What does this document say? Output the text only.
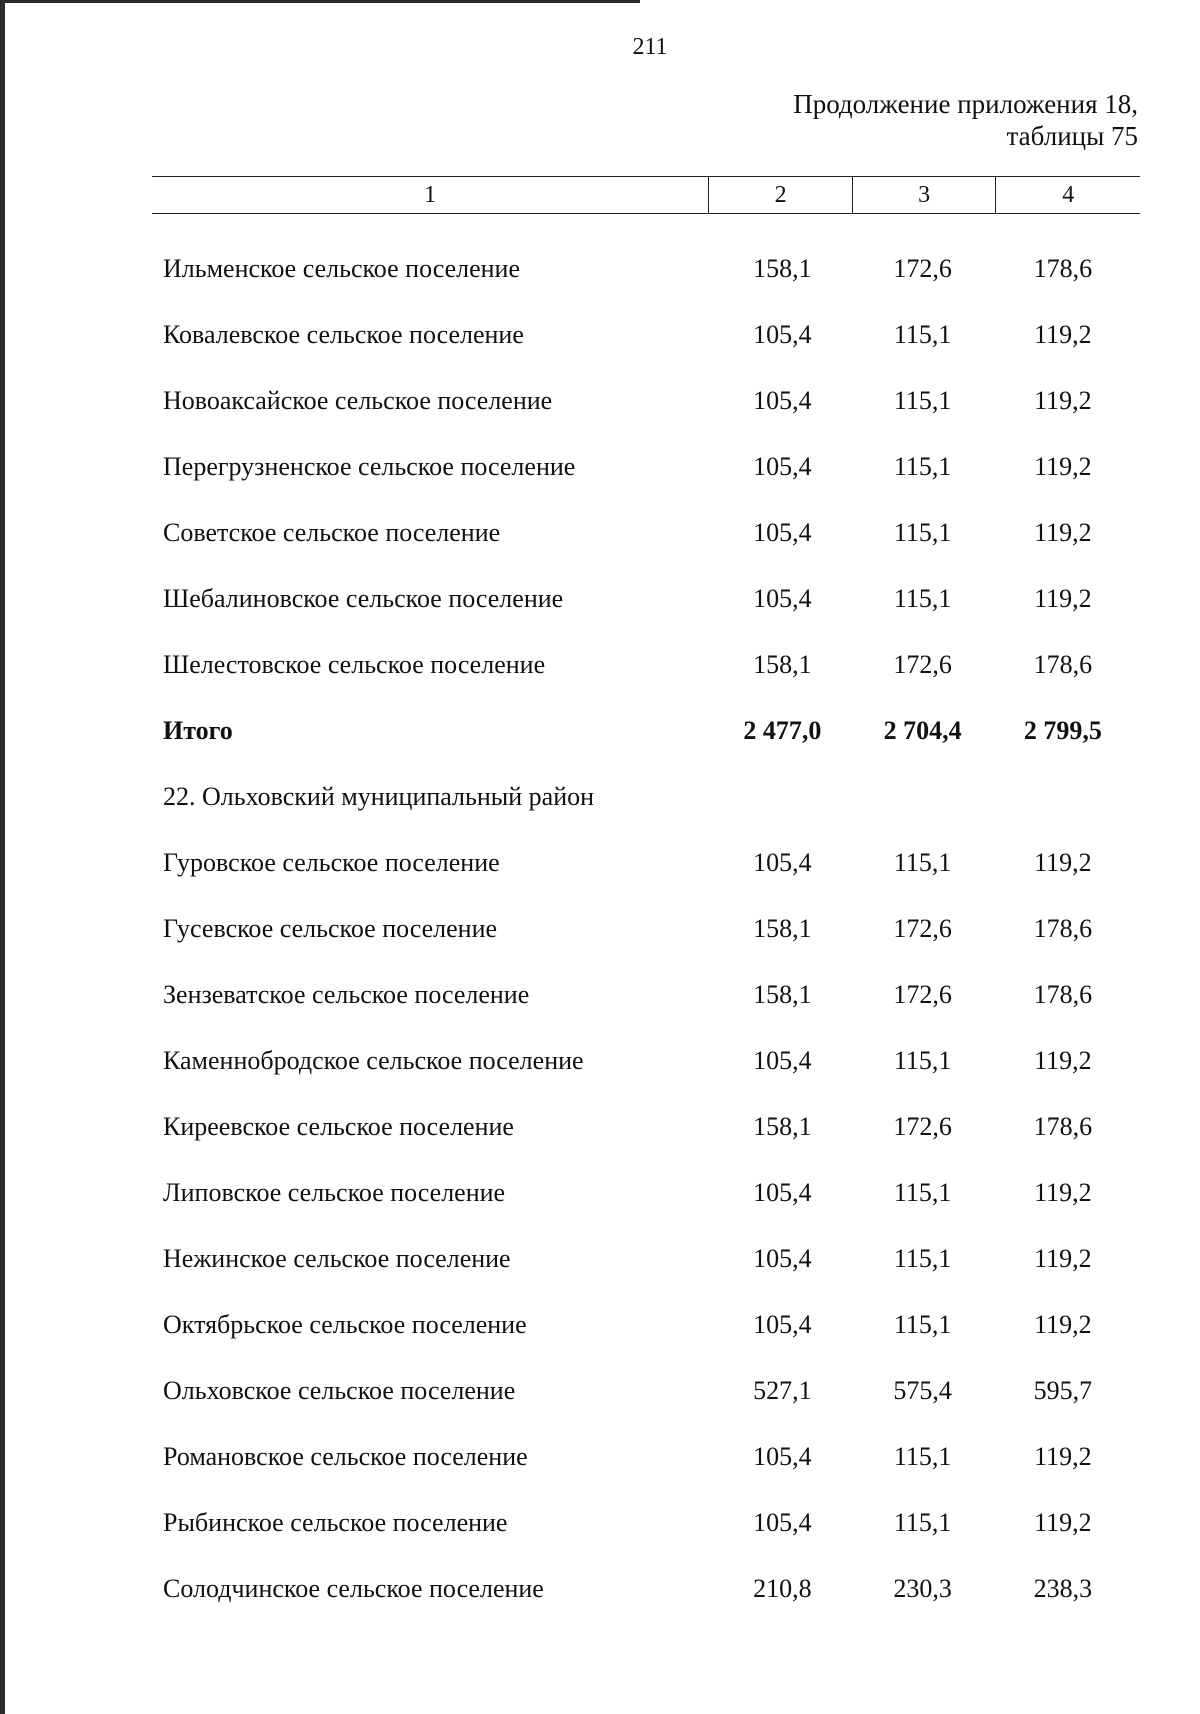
211
Продолжение приложения 18,
таблицы 75
1	2	3	4
Ильменское сельское поселение	158,1	172,6	178,6
Ковалевское сельское поселение	105,4	115,1	119,2
Новоаксайское сельское поселение	105,4	115,1	119,2
Перегрузненское сельское поселение	105,4	115,1	119,2
Советское сельское поселение	105,4	115,1	119,2
Шебалиновское сельское поселение	105,4	115,1	119,2
Шелестовское сельское поселение	158,1	172,6	178,6
Итого	2 477,0	2 704,4	2 799,5
22. Ольховский муниципальный район
Гуровское сельское поселение	105,4	115,1	119,2
Гусевское сельское поселение	158,1	172,6	178,6
Зензеватское сельское поселение	158,1	172,6	178,6
Каменнобродское сельское поселение	105,4	115,1	119,2
Киреевское сельское поселение	158,1	172,6	178,6
Липовское сельское поселение	105,4	115,1	119,2
Нежинское сельское поселение	105,4	115,1	119,2
Октябрьское сельское поселение	105,4	115,1	119,2
Ольховское сельское поселение	527,1	575,4	595,7
Романовское сельское поселение	105,4	115,1	119,2
Рыбинское сельское поселение	105,4	115,1	119,2
Солодчинское сельское поселение	210,8	230,3	238,3
